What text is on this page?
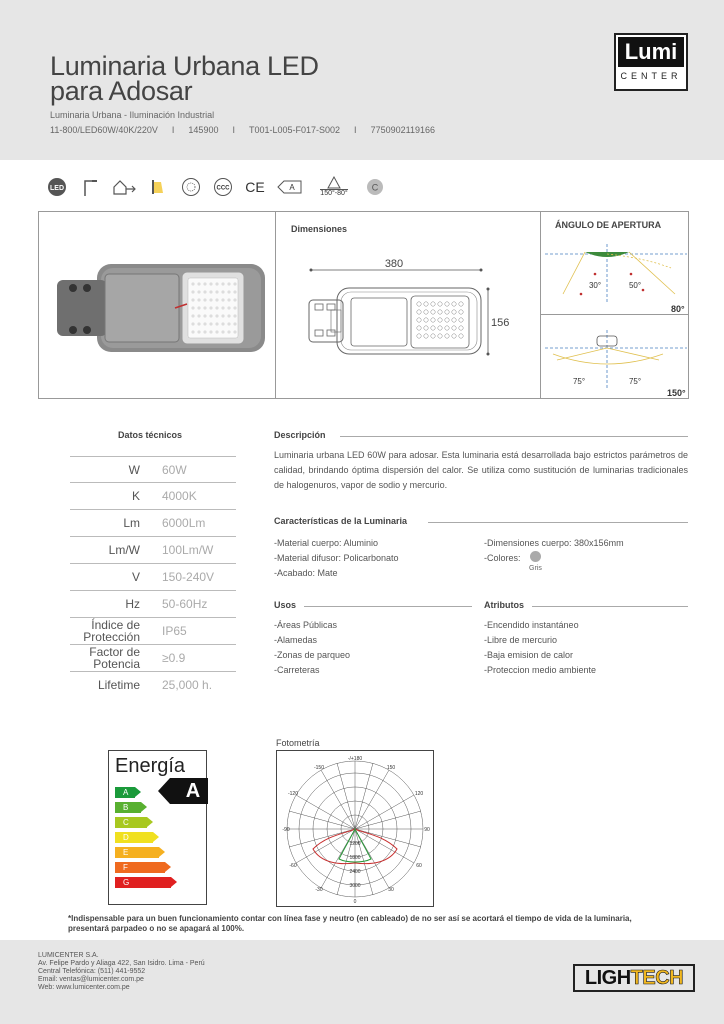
Luminaria Urbana LED
para Adosar
Luminaria Urbana - Iluminación Industrial
11-800/LED60W/40K/220V I 145900 I T001-L005-F017-S002 I 7750902119166
Lumi
CENTER
LED	CCC CE	A
150°-80°
C
Dimensiones
380
156
ÁNGULO DE APERTURA
30°	50°
80°
75°	75°
150°
Datos técnicos
W 60W
K 4000K
Lm 6000Lm
Lm/W 100Lm/W
V 150-240V
Hz 50-60Hz
Índice de
Protección IP65
Factor de
Potencia ≥0.9
Lifetime 25,000 h.
Descripción
Luminaria urbana LED 60W para adosar. Esta luminaria está desarrollada bajo estrictos parámetros de calidad, brindando óptima dispersión del calor. Se utiliza como sustitución de luminarias tradicionales de halogenuros, vapor de sodio y mercurio.
Características de la Luminaria
-Material cuerpo: Aluminio
-Material difusor: Policarbonato
-Acabado: Mate
-Dimensiones cuerpo: 380x156mm
-Colores:
Gris
Usos
-Áreas Públicas
-Alamedas
-Zonas de parqueo
-Carreteras
Atributos
-Encendido instantáneo
-Libre de mercurio
-Baja emision de calor
-Proteccion medio ambiente
Energía
A
B
C
D
E
F
G
A
Fotometría
-/+180
-150	150
-120	120
-90	90
-60	60
-30	30
0
1200
1800
2400
3000
*Indispensable para un buen funcionamiento contar con línea fase y neutro (en cableado) de no ser así se acortará el tiempo de vida de la luminaria,
presentará parpadeo o no se apagará al 100%.
LUMICENTER S.A.
Av. Felipe Pardo y Aliaga 422, San Isidro. Lima - Perú
Central Telefónica: (511) 441-9552
Email: ventas@lumicenter.com.pe
Web: www.lumicenter.com.pe	LIGHTECH
